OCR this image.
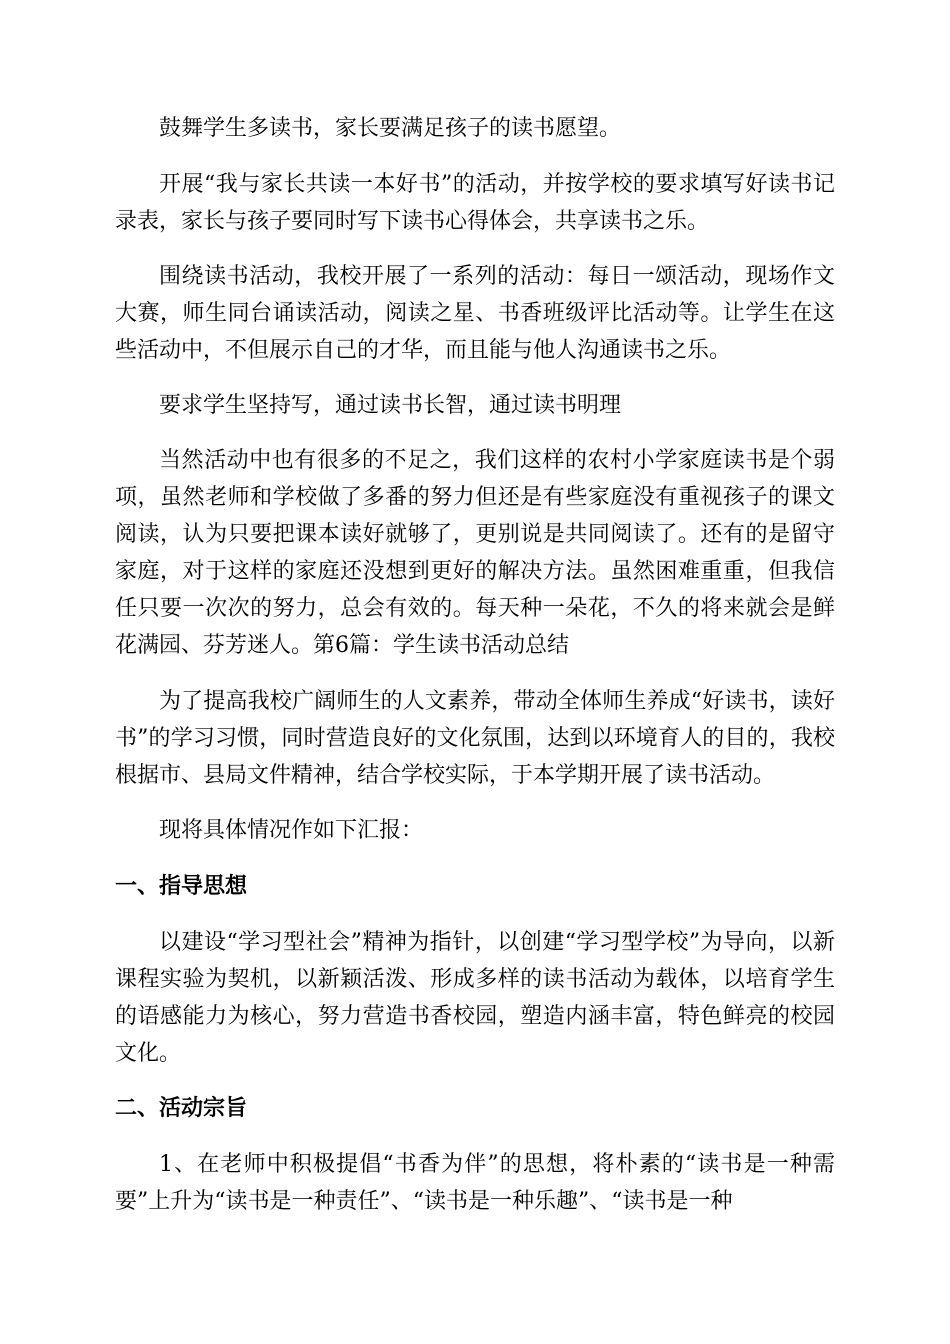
鼓舞学生多读书，家长要满足孩子的读书愿望。
开展“我与家长共读一本好书”的活动，并按学校的要求填写好读书记录表，家长与孩子要同时写下读书心得体会，共享读书之乐。
围绕读书活动，我校开展了一系列的活动：每日一颂活动，现场作文大赛，师生同台诵读活动，阅读之星、书香班级评比活动等。让学生在这些活动中，不但展示自己的才华，而且能与他人沟通读书之乐。
要求学生坚持写，通过读书长智，通过读书明理
当然活动中也有很多的不足之，我们这样的农村小学家庭读书是个弱项，虽然老师和学校做了多番的努力但还是有些家庭没有重视孩子的课文阅读，认为只要把课本读好就够了，更别说是共同阅读了。还有的是留守家庭，对于这样的家庭还没想到更好的解决方法。虽然困难重重，但我信任只要一次次的努力，总会有效的。每天种一朵花，不久的将来就会是鲜花满园、芬芳迷人。第6篇：学生读书活动总结
为了提高我校广阔师生的人文素养，带动全体师生养成“好读书，读好书”的学习习惯，同时营造良好的文化氛围，达到以环境育人的目的，我校根据市、县局文件精神，结合学校实际，于本学期开展了读书活动。
现将具体情况作如下汇报：
一、指导思想
以建设“学习型社会”精神为指针，以创建“学习型学校”为导向，以新课程实验为契机，以新颖活泼、形成多样的读书活动为载体，以培育学生的语感能力为核心，努力营造书香校园，塑造内涵丰富，特色鲜亮的校园文化。
二、活动宗旨
1、在老师中积极提倡“书香为伴”的思想，将朴素的“读书是一种需要”上升为“读书是一种责任”、“读书是一种乐趣”、“读书是一种
